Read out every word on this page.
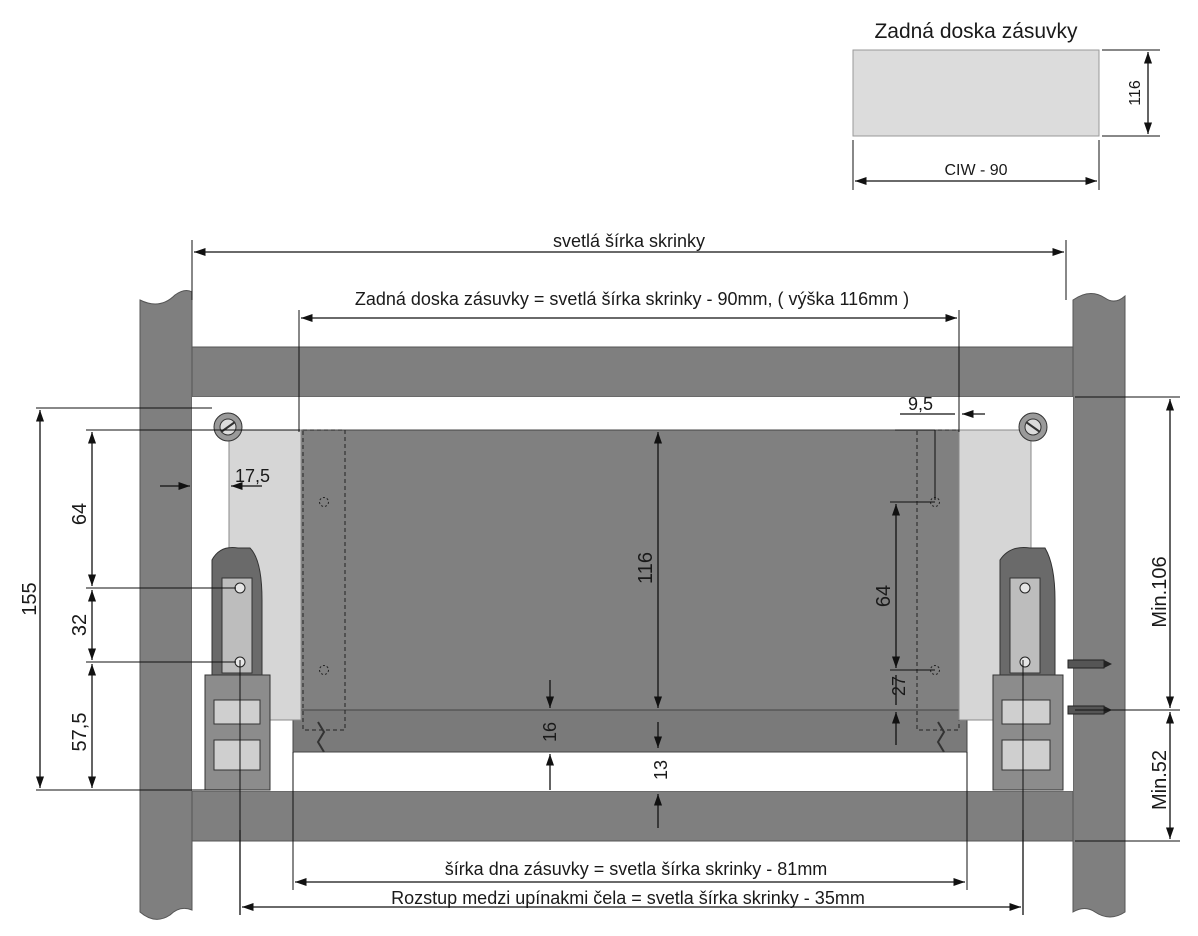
Zadná doska zásuvky
116
CIW - 90
svetlá šírka skrinky
Zadná doska zásuvky = svetlá šírka skrinky - 90mm, ( výška 116mm )
155
64
32
57,5
17,5
116
13
16
9,5
64
27
Min.106
Min.52
šírka dna zásuvky = svetla šírka skrinky - 81mm
Rozstup medzi upínakmi čela = svetla šírka skrinky - 35mm
